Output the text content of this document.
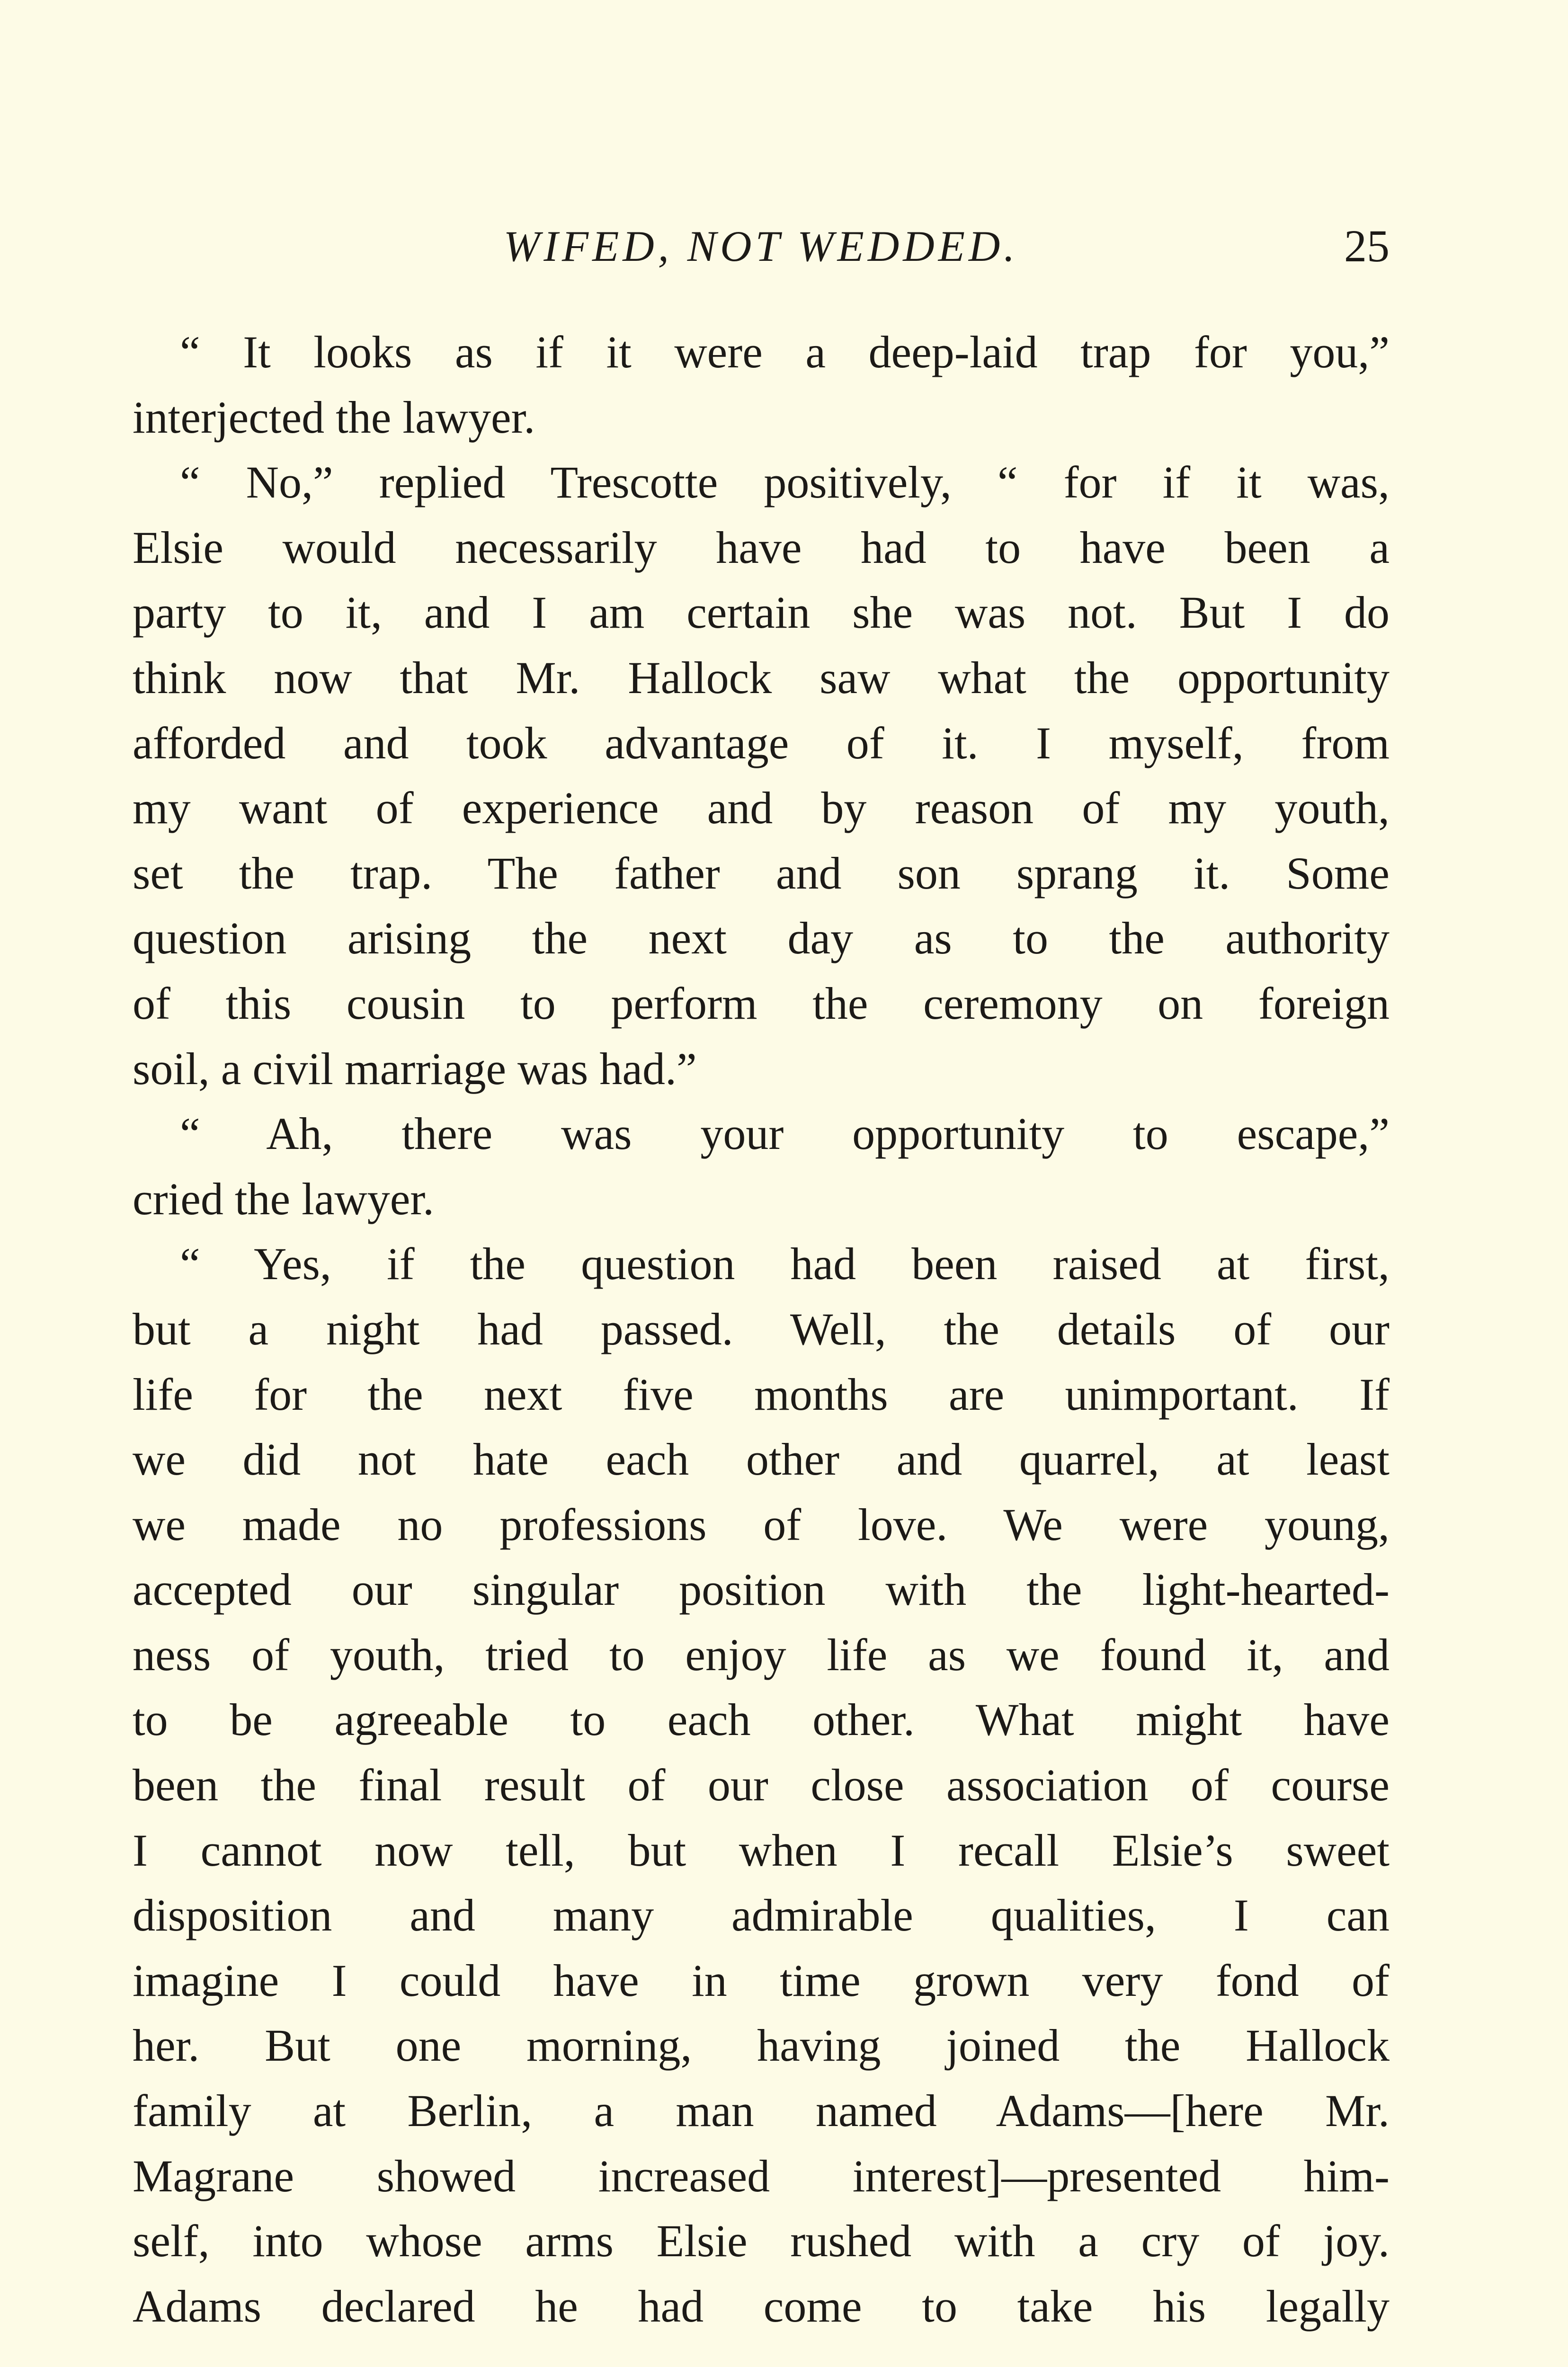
WIFED, NOT WEDDED.	25
“ It looks as if it were a deep-laid trap for you,”
interjected the lawyer.
“ No,” replied Trescotte positively, “ for if it was,
Elsie would necessarily have had to have been a
party to it, and I am certain she was not. But I do
think now that Mr. Hallock saw what the opportunity
afforded and took advantage of it. I myself, from
my want of experience and by reason of my youth,
set the trap. The father and son sprang it. Some
question arising the next day as to the authority
of this cousin to perform the ceremony on foreign
soil, a civil marriage was had.”
“ Ah, there was your opportunity to escape,”
cried the lawyer.
“ Yes, if the question had been raised at first,
but a night had passed. Well, the details of our
life for the next five months are unimportant. If
we did not hate each other and quarrel, at least
we made no professions of love. We were young,
accepted our singular position with the light-hearted-
ness of youth, tried to enjoy life as we found it, and
to be agreeable to each other. What might have
been the final result of our close association of course
I cannot now tell, but when I recall Elsie’s sweet
disposition and many admirable qualities, I can
imagine I could have in time grown very fond of
her. But one morning, having joined the Hallock
family at Berlin, a man named Adams—[here Mr.
Magrane showed increased interest]—presented him-
self, into whose arms Elsie rushed with a cry of joy.
Adams declared he had come to take his legally
